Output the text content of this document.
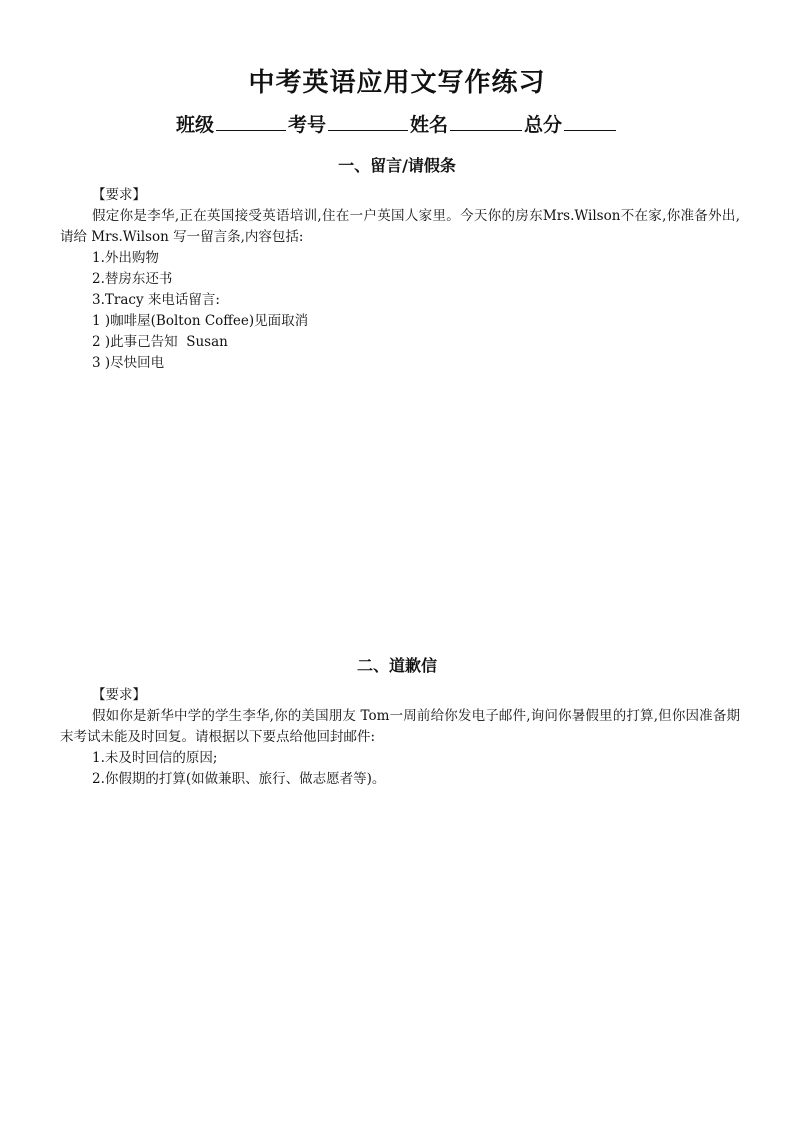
中考英语应用文写作练习
班级	考号	姓名	总分
一、留言/请假条
【要求】
假定你是李华,正在英国接受英语培训,住在一户英国人家里。今天你的房东Mrs.Wilson不在家,你准备外出,请给 Mrs.Wilson 写一留言条,内容包括:
1.外出购物
2.替房东还书
3.Tracy 来电话留言:
1 )咖啡屋(Bolton Coffee)见面取消
2 )此事己告知  Susan
3 )尽快回电
二、道歉信
【要求】
假如你是新华中学的学生李华,你的美国朋友 Tom一周前给你发电子邮件,询问你暑假里的打算,但你因准备期末考试未能及时回复。请根据以下要点给他回封邮件:
1.未及时回信的原因;
2.你假期的打算(如做兼职、旅行、做志愿者等)。
